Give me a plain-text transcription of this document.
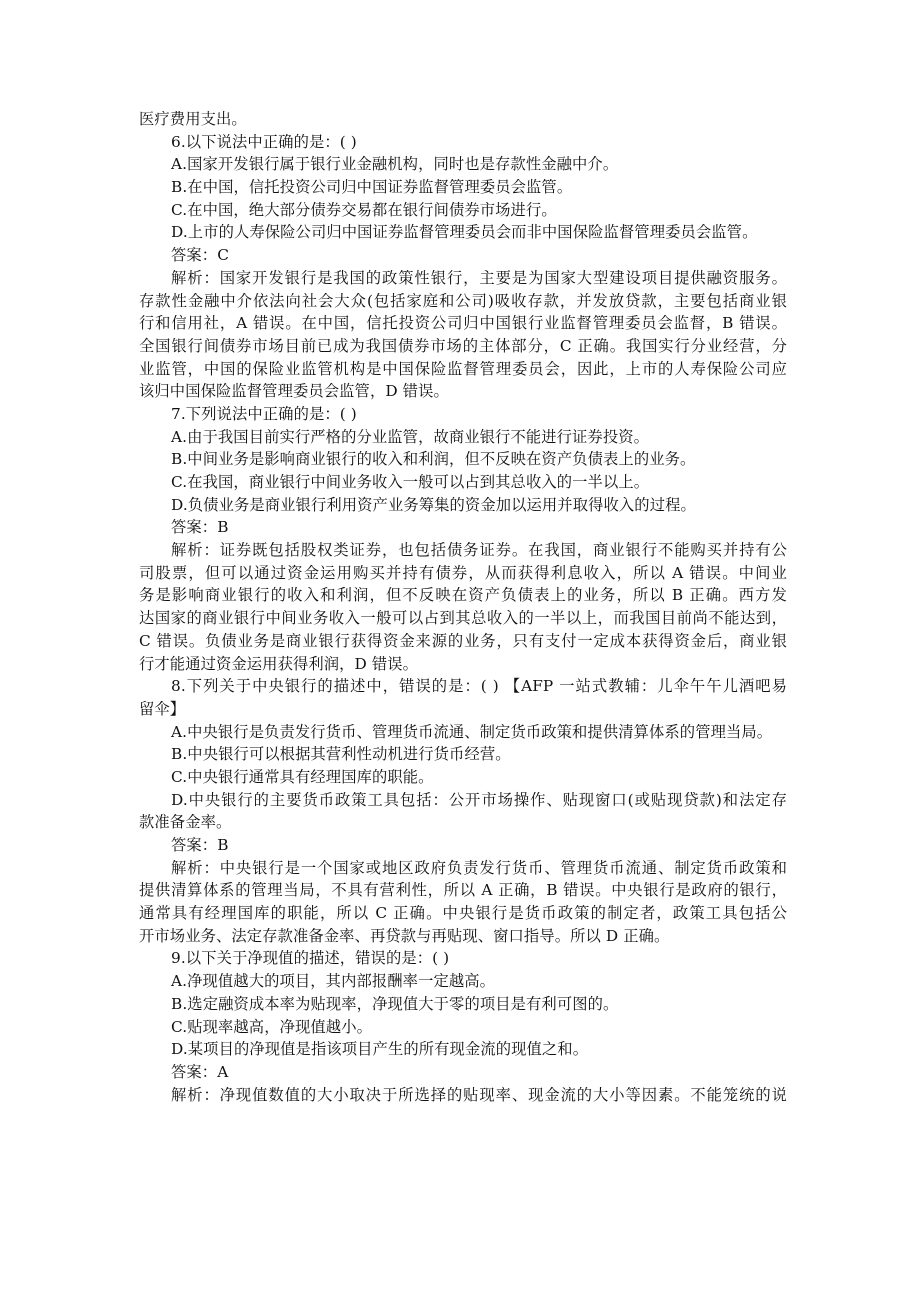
医疗费用支出。
6.以下说法中正确的是：( )
A.国家开发银行属于银行业金融机构，同时也是存款性金融中介。
B.在中国，信托投资公司归中国证券监督管理委员会监管。
C.在中国，绝大部分债券交易都在银行间债券市场进行。
D.上市的人寿保险公司归中国证券监督管理委员会而非中国保险监督管理委员会监管。
答案：C
解析：国家开发银行是我国的政策性银行，主要是为国家大型建设项目提供融资服务。
存款性金融中介依法向社会大众(包括家庭和公司)吸收存款，并发放贷款，主要包括商业银
行和信用社，A 错误。在中国，信托投资公司归中国银行业监督管理委员会监督，B 错误。
全国银行间债券市场目前已成为我国债券市场的主体部分，C 正确。我国实行分业经营，分
业监管，中国的保险业监管机构是中国保险监督管理委员会，因此，上市的人寿保险公司应
该归中国保险监督管理委员会监管，D 错误。
7.下列说法中正确的是：( )
A.由于我国目前实行严格的分业监管，故商业银行不能进行证券投资。
B.中间业务是影响商业银行的收入和利润，但不反映在资产负债表上的业务。
C.在我国，商业银行中间业务收入一般可以占到其总收入的一半以上。
D.负债业务是商业银行利用资产业务筹集的资金加以运用并取得收入的过程。
答案：B
解析：证券既包括股权类证券，也包括债务证券。在我国，商业银行不能购买并持有公
司股票，但可以通过资金运用购买并持有债券，从而获得利息收入，所以 A 错误。中间业
务是影响商业银行的收入和利润，但不反映在资产负债表上的业务，所以 B 正确。西方发
达国家的商业银行中间业务收入一般可以占到其总收入的一半以上，而我国目前尚不能达到，
C 错误。负债业务是商业银行获得资金来源的业务，只有支付一定成本获得资金后，商业银
行才能通过资金运用获得利润，D 错误。
8.下列关于中央银行的描述中，错误的是：( ) 【AFP 一站式教辅：儿伞午午儿酒吧易
留伞】
A.中央银行是负责发行货币、管理货币流通、制定货币政策和提供清算体系的管理当局。
B.中央银行可以根据其营利性动机进行货币经营。
C.中央银行通常具有经理国库的职能。
D.中央银行的主要货币政策工具包括：公开市场操作、贴现窗口(或贴现贷款)和法定存
款准备金率。
答案：B
解析：中央银行是一个国家或地区政府负责发行货币、管理货币流通、制定货币政策和
提供清算体系的管理当局，不具有营利性，所以 A 正确，B 错误。中央银行是政府的银行，
通常具有经理国库的职能，所以 C 正确。中央银行是货币政策的制定者，政策工具包括公
开市场业务、法定存款准备金率、再贷款与再贴现、窗口指导。所以 D 正确。
9.以下关于净现值的描述，错误的是：( )
A.净现值越大的项目，其内部报酬率一定越高。
B.选定融资成本率为贴现率，净现值大于零的项目是有利可图的。
C.贴现率越高，净现值越小。
D.某项目的净现值是指该项目产生的所有现金流的现值之和。
答案：A
解析：净现值数值的大小取决于所选择的贴现率、现金流的大小等因素。不能笼统的说
